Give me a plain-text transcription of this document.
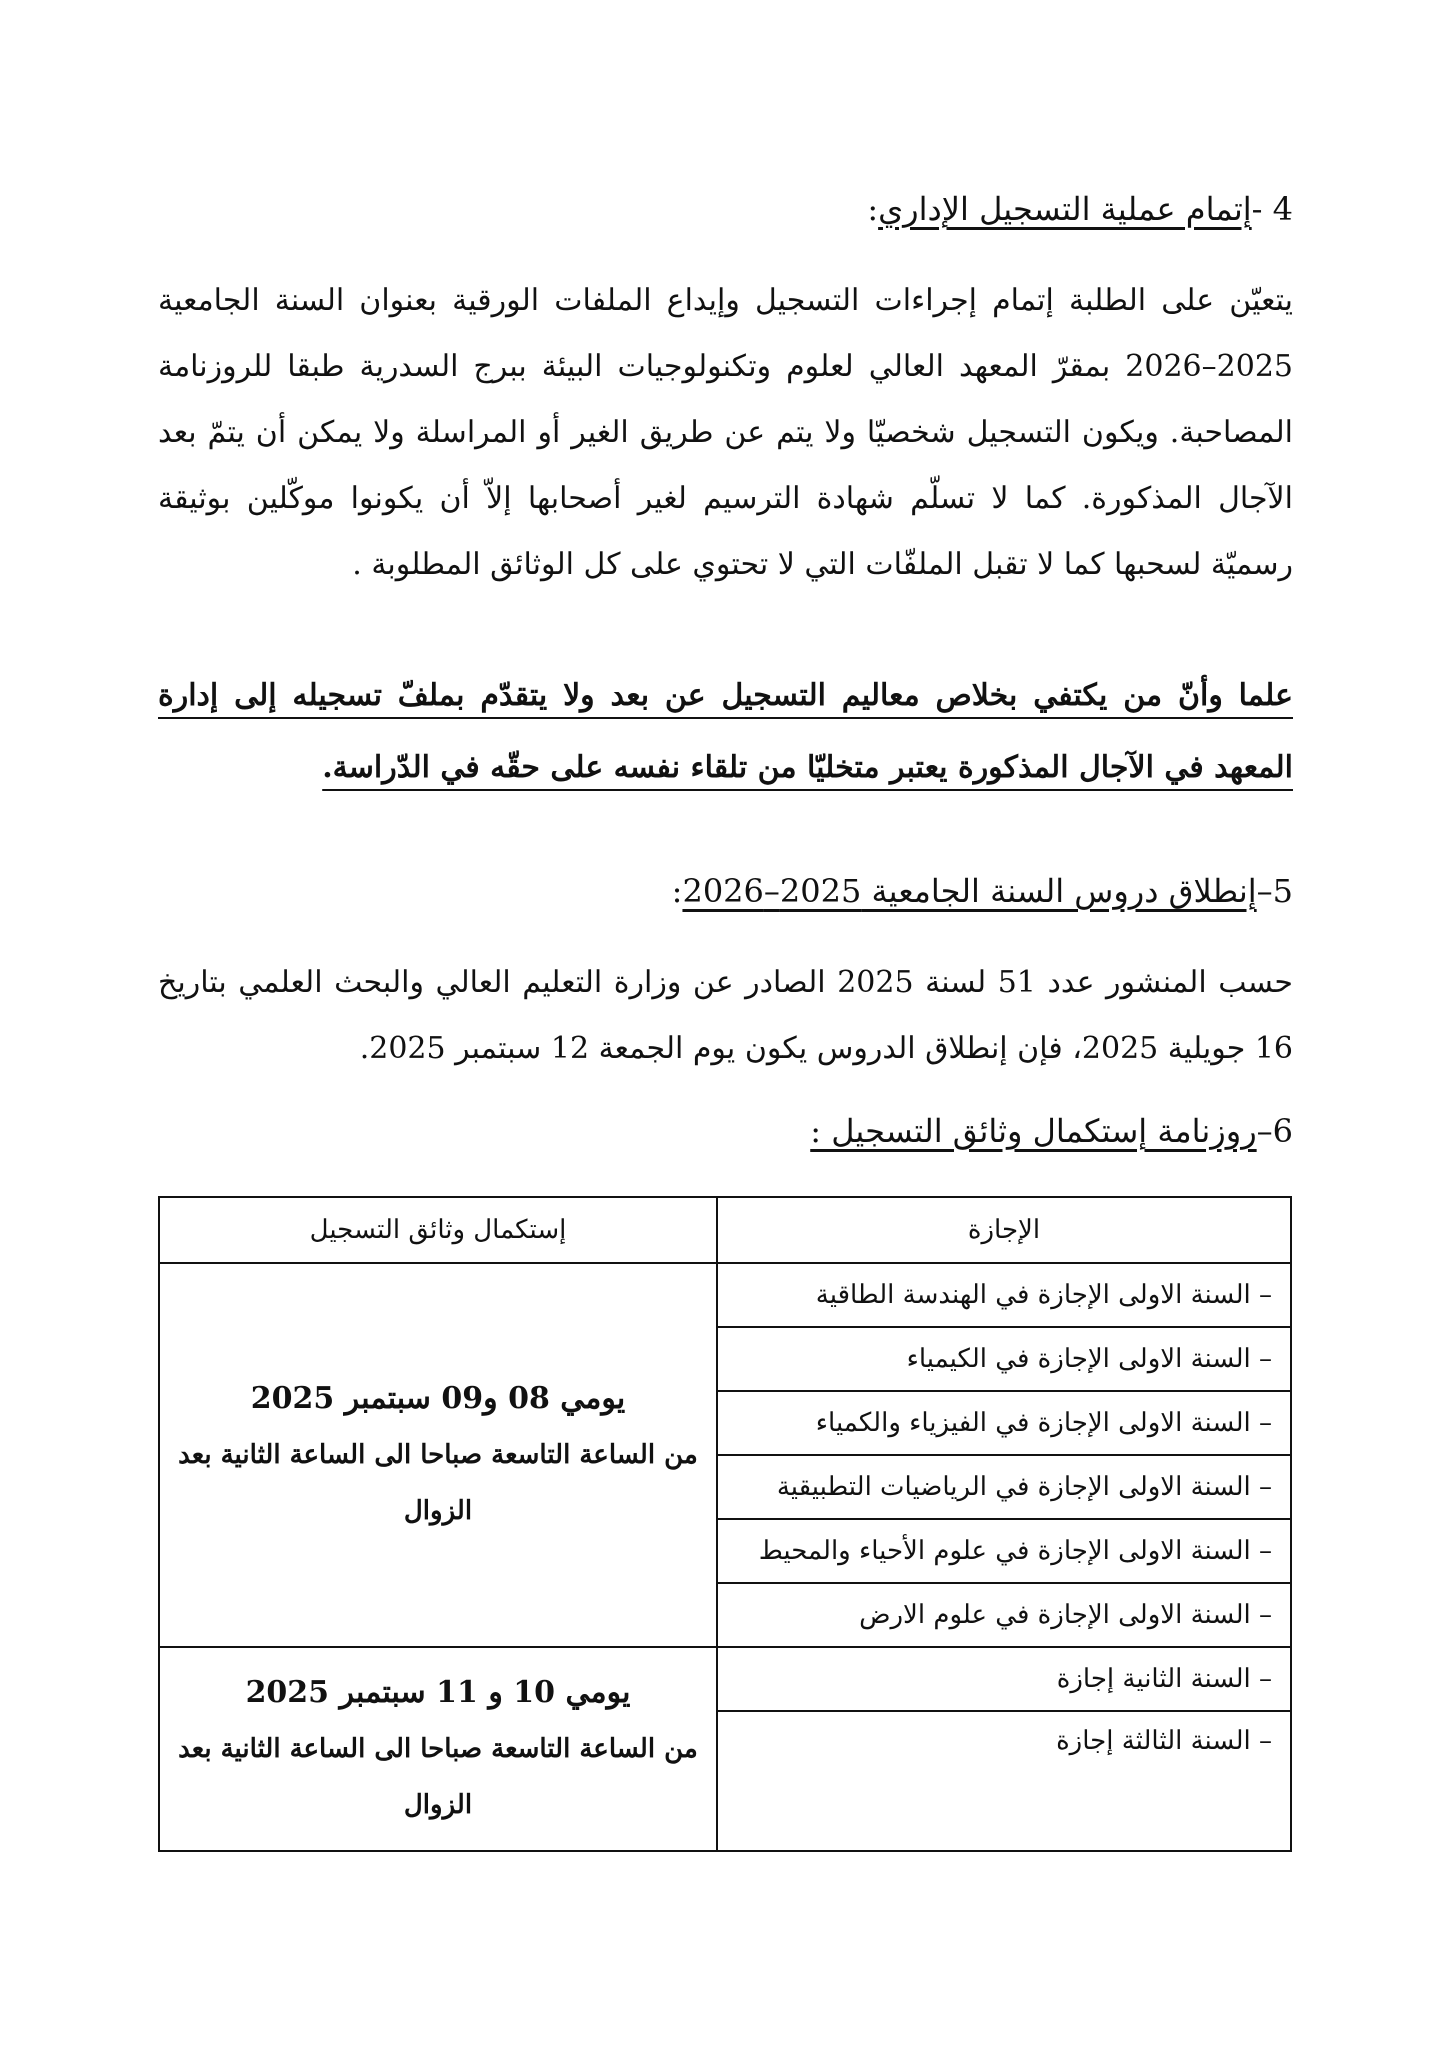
4 -إتمام عملية التسجيل الإداري:
يتعيّن على الطلبة إتمام إجراءات التسجيل وإيداع الملفات الورقية بعنوان السنة الجامعية 2025–2026 بمقرّ المعهد العالي لعلوم وتكنولوجيات البيئة ببرج السدرية طبقا للروزنامة المصاحبة. ويكون التسجيل شخصيّا ولا يتم عن طريق الغير أو المراسلة ولا يمكن أن يتمّ بعد الآجال المذكورة. كما لا تسلّم شهادة الترسيم لغير أصحابها إلاّ أن يكونوا موكّلين بوثيقة رسميّة لسحبها كما لا تقبل الملفّات التي لا تحتوي على كل الوثائق المطلوبة .
علما وأنّ من يكتفي بخلاص معاليم التسجيل عن بعد ولا يتقدّم بملفّ تسجيله إلى إدارة المعهد في الآجال المذكورة يعتبر متخليّا من تلقاء نفسه على حقّه في الدّراسة.
5–إنطلاق دروس السنة الجامعية 2025–2026:
حسب المنشور عدد 51 لسنة 2025 الصادر عن وزارة التعليم العالي والبحث العلمي بتاريخ 16 جويلية 2025، فإن إنطلاق الدروس يكون يوم الجمعة 12 سبتمبر 2025.
6–روزنامة إستكمال وثائق التسجيل :
الإجازة	إستكمال وثائق التسجيل
– السنة الاولى الإجازة في الهندسة الطاقية	يومي 08 و09 سبتمبر 2025
من الساعة التاسعة صباحا الى الساعة الثانية بعد الزوال

– السنة الاولى الإجازة في الكيمياء	
– السنة الاولى الإجازة في الفيزياء والكمياء	
– السنة الاولى الإجازة في الرياضيات التطبيقية	
– السنة الاولى الإجازة في علوم الأحياء والمحيط	
– السنة الاولى الإجازة في علوم الارض	
– السنة الثانية إجازة	يومي 10 و 11 سبتمبر 2025
من الساعة التاسعة صباحا الى الساعة الثانية بعد الزوال

– السنة الثالثة إجازة	
